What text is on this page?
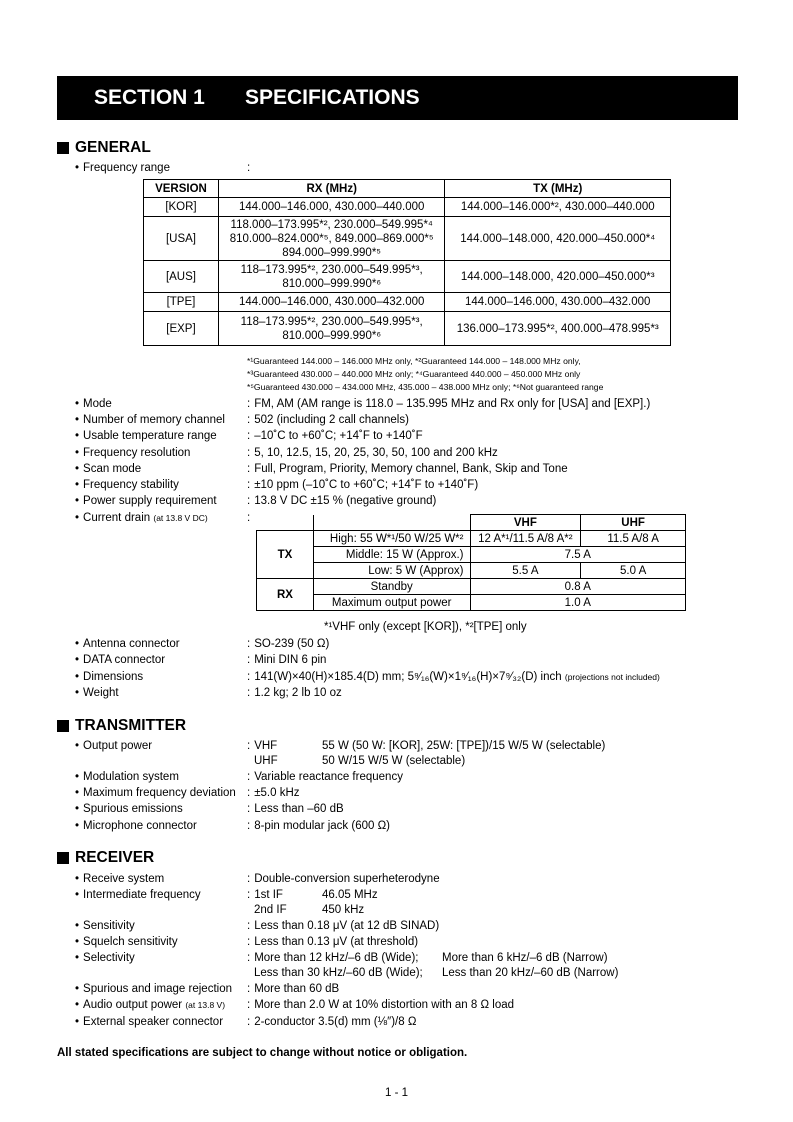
SECTION 1	SPECIFICATIONS
GENERAL
• Frequency range
:
VERSION	RX (MHz)	TX (MHz)
[KOR]	144.000–146.000, 430.000–440.000	144.000–146.000*², 430.000–440.000
[USA]	118.000–173.995*², 230.000–549.995*⁴
810.000–824.000*⁵, 849.000–869.000*⁵
894.000–999.990*⁵	144.000–148.000, 420.000–450.000*⁴
[AUS]	118–173.995*², 230.000–549.995*³,
810.000–999.990*⁶	144.000–148.000, 420.000–450.000*³
[TPE]	144.000–146.000, 430.000–432.000	144.000–146.000, 430.000–432.000
[EXP]	118–173.995*², 230.000–549.995*³,
810.000–999.990*⁶	136.000–173.995*², 400.000–478.995*³
*¹Guaranteed 144.000 – 146.000 MHz only, *²Guaranteed 144.000 – 148.000 MHz only,
*³Guaranteed 430.000 – 440.000 MHz only; *⁴Guaranteed 440.000 – 450.000 MHz only
*⁵Guaranteed 430.000 – 434.000 MHz, 435.000 – 438.000 MHz only; *⁶Not guaranteed range
• Mode	: FM, AM (AM range is 118.0 – 135.995 MHz and Rx only for [USA] and [EXP].)
• Number of memory channel	: 502 (including 2 call channels)
• Usable temperature range	: –10˚C to +60˚C; +14˚F to +140˚F
• Frequency resolution	: 5, 10, 12.5, 15, 20, 25, 30, 50, 100 and 200 kHz
• Scan mode	: Full, Program, Priority, Memory channel, Bank, Skip and Tone
• Frequency stability	: ±10 ppm (–10˚C to +60˚C; +14˚F to +140˚F)
• Power supply requirement	: 13.8 V DC ±15 % (negative ground)
• Current drain (at 13.8 V DC) :
			VHF	UHF
TX	High: 55 W*¹/50 W/25 W*²	12 A*¹/11.5 A/8 A*²	11.5 A/8 A
	Middle: 15 W (Approx.)	7.5 A	
	Low: 5 W (Approx)	5.5 A	5.0 A
RX	Standby	0.8 A	
	Maximum output power	1.0 A	
*¹VHF only (except [KOR]), *²[TPE] only
• Antenna connector	: SO-239 (50 Ω)
• DATA connector	: Mini DIN 6 pin
• Dimensions	: 141(W)×40(H)×185.4(D) mm; 5⁹⁄₁₆(W)×1⁹⁄₁₆(H)×7⁹⁄₃₂(D) inch (projections not included)
• Weight	: 1.2 kg; 2 lb 10 oz
TRANSMITTER
• Output power	: VHF	55 W (50 W: [KOR], 25W: [TPE])/15 W/5 W (selectable)
UHF	50 W/15 W/5 W (selectable)
• Modulation system	: Variable reactance frequency
• Maximum frequency deviation	: ±5.0 kHz
• Spurious emissions	: Less than –60 dB
• Microphone connector	: 8-pin modular jack (600 Ω)
RECEIVER
• Receive system	: Double-conversion superheterodyne
• Intermediate frequency	: 1st IF	46.05 MHz
2nd IF	450 kHz
• Sensitivity	: Less than 0.18 μV (at 12 dB SINAD)
• Squelch sensitivity	: Less than 0.13 μV (at threshold)
• Selectivity	: More than 12 kHz/–6 dB (Wide); More than 6 kHz/–6 dB (Narrow)
Less than 30 kHz/–60 dB (Wide); Less than 20 kHz/–60 dB (Narrow)
• Spurious and image rejection	: More than 60 dB
• Audio output power (at 13.8 V)	: More than 2.0 W at 10% distortion with an 8 Ω load
• External speaker connector	: 2-conductor 3.5(d) mm (⅛″)/8 Ω
All stated specifications are subject to change without notice or obligation.
1 - 1
